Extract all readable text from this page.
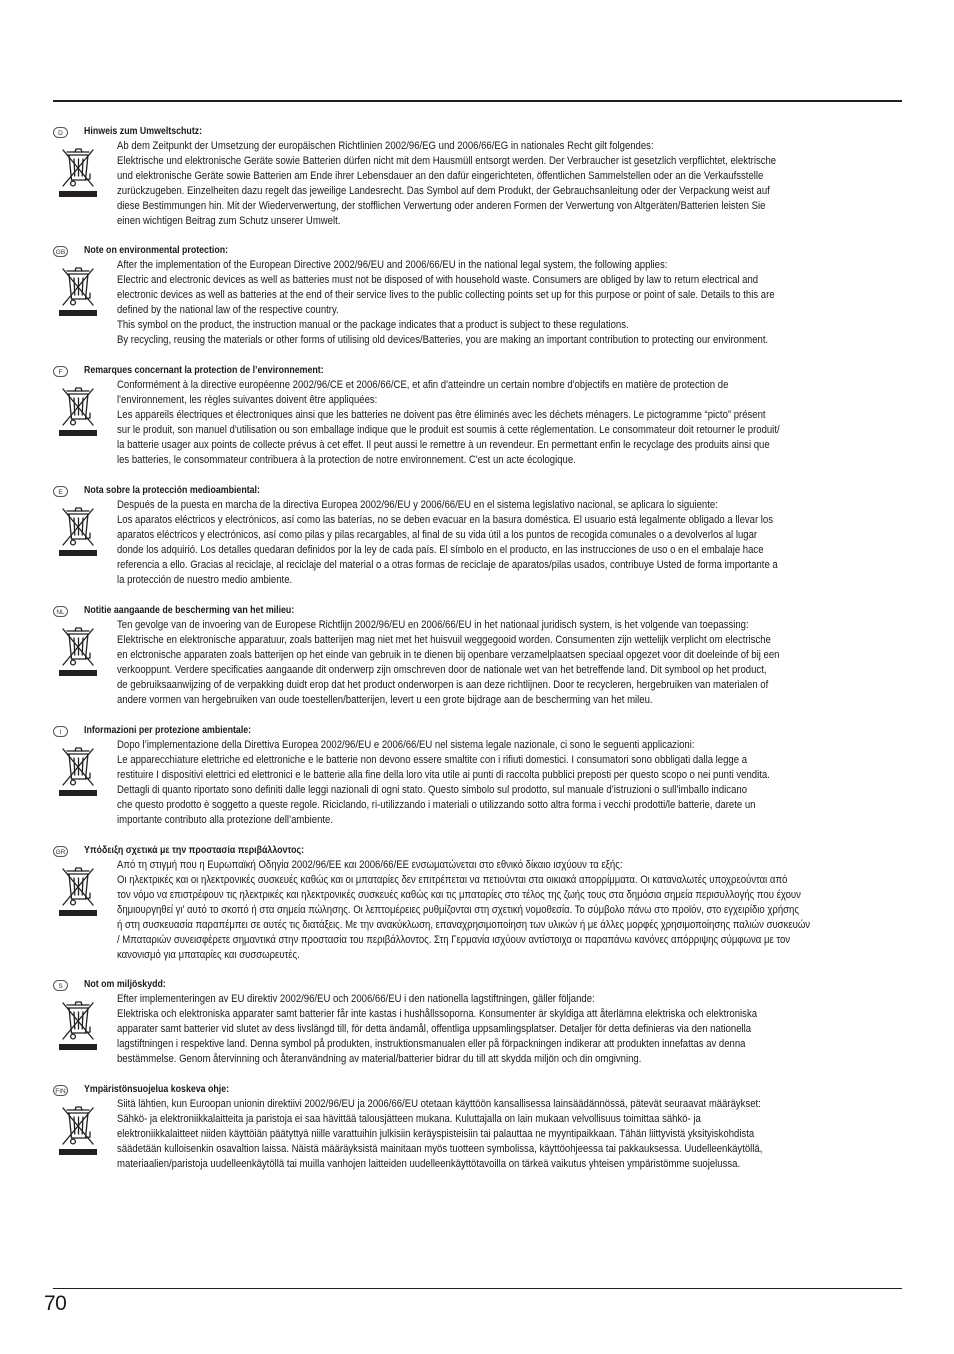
D	Hinweis zum Umweltschutz:
Ab dem Zeitpunkt der Umsetzung der europäischen Richtlinien 2002/96/EG und 2006/66/EG in nationales Recht gilt folgendes:
Elektrische und elektronische Geräte sowie Batterien dürfen nicht mit dem Hausmüll entsorgt werden. Der Verbraucher ist gesetzlich verpflichtet, elektrische
und elektronische Geräte sowie Batterien am Ende ihrer Lebensdauer an den dafür eingerichteten, öffentlichen Sammelstellen oder an die Verkaufsstelle
zurückzugeben. Einzelheiten dazu regelt das jeweilige Landesrecht. Das Symbol auf dem Produkt, der Gebrauchsanleitung oder der Verpackung weist auf
diese Bestimmungen hin. Mit der Wiederverwertung, der stofflichen Verwertung oder anderen Formen der Verwertung von Altgeräten/Batterien leisten Sie
einen wichtigen Beitrag zum Schutz unserer Umwelt.
GB Note on environmental protection:
After the implementation of the European Directive 2002/96/EU and 2006/66/EU in the national legal system, the following applies:
Electric and electronic devices as well as batteries must not be disposed of with household waste. Consumers are obliged by law to return electrical and
electronic devices as well as batteries at the end of their service lives to the public collecting points set up for this purpose or point of sale. Details to this are
defined by the national law of the respective country.
This symbol on the product, the instruction manual or the package indicates that a product is subject to these regulations.
By recycling, reusing the materials or other forms of utilising old devices/Batteries, you are making an important contribution to protecting our environment.
F	Remarques concernant la protection de l’environnement:
Conformément à la directive européenne 2002/96/CE et 2006/66/CE, et afin d'atteindre un certain nombre d'objectifs en matière de protection de
l'environnement, les règles suivantes doivent être appliquées:
Les appareils électriques et électroniques ainsi que les batteries ne doivent pas être éliminés avec les déchets ménagers. Le pictogramme “picto” présent
sur le produit, son manuel d'utilisation ou son emballage indique que le produit est soumis à cette réglementation. Le consommateur doit retourner le produit/
la batterie usager aux points de collecte prévus à cet effet. Il peut aussi le remettre à un revendeur. En permettant enfin le recyclage des produits ainsi que
les batteries, le consommateur contribuera à la protection de notre environnement. C'est un acte écologique.
E	Nota sobre la protección medioambiental:
Después de la puesta en marcha de la directiva Europea 2002/96/EU y 2006/66/EU en el sistema legislativo nacional, se aplicara lo siguiente:
Los aparatos eléctricos y electrónicos, así como las baterías, no se deben evacuar en la basura doméstica. El usuario está legalmente obligado a llevar los
aparatos eléctricos y electrónicos, así como pilas y pilas recargables, al final de su vida útil a los puntos de recogida comunales o a devolverlos al lugar
donde los adquirió. Los detalles quedaran definidos por la ley de cada país. El símbolo en el producto, en las instrucciones de uso o en el embalaje hace
referencia a ello. Gracias al reciclaje, al reciclaje del material o a otras formas de reciclaje de aparatos/pilas usados, contribuye Usted de forma importante a
la protección de nuestro medio ambiente.
NL	Notitie aangaande de bescherming van het milieu:
Ten gevolge van de invoering van de Europese Richtlijn 2002/96/EU en 2006/66/EU in het nationaal juridisch system, is het volgende van toepassing:
Elektrische en elektronische apparatuur, zoals batterijen mag niet met het huisvuil weggegooid worden. Consumenten zijn wettelijk verplicht om electrische
en elctronische apparaten zoals batterijen op het einde van gebruik in te dienen bij openbare verzamelplaatsen speciaal opgezet voor dit doeleinde of bij een
verkooppunt. Verdere specificaties aangaande dit onderwerp zijn omschreven door de nationale wet van het betreffende land. Dit symbool op het product,
de gebruiksaanwijzing of de verpakking duidt erop dat het product onderworpen is aan deze richtlijnen. Door te recycleren, hergebruiken van materialen of
andere vormen van hergebruiken van oude toestellen/batterijen, levert u een grote bijdrage aan de bescherming van het mileu.
I	Informazioni per protezione ambientale:
Dopo l’implementazione della Direttiva Europea 2002/96/EU e 2006/66/EU nel sistema legale nazionale, ci sono le seguenti applicazioni:
Le apparecchiature elettriche ed elettroniche e le batterie non devono essere smaltite con i rifiuti domestici. I consumatori sono obbligati dalla legge a
restituire I dispositivi elettrici ed elettronici e le batterie alla fine della loro vita utile ai punti di raccolta pubblici preposti per questo scopo o nei punti vendita.
Dettagli di quanto riportato sono definiti dalle leggi nazionali di ogni stato. Questo simbolo sul prodotto, sul manuale d’istruzioni o sull’imballo indicano
che questo prodotto è soggetto a queste regole. Riciclando, ri-utilizzando i materiali o utilizzando sotto altra forma i vecchi prodotti/le batterie, darete un
importante contributo alla protezione dell’ambiente.
GR Υπόδειξη σχετικά με την προστασία περιβάλλοντος:
Από τη στιγμή που η Ευρωπαϊκή Οδηγία 2002/96/ΕΕ και 2006/66/ΕΕ ενσωματώνεται στο εθνικό δίκαιο ισχύουν τα εξής:
Οι ηλεκτρικές και οι ηλεκτρονικές συσκευές καθώς και οι μπαταρίες δεν επιτρέπεται να πετιούνται στα οικιακά απορρίμματα. Οι καταναλωτές υποχρεούνται από
τον νόμο να επιστρέφουν τις ηλεκτρικές και ηλεκτρονικές συσκευές καθώς και τις μπαταρίες στο τέλος της ζωής τους στα δημόσια σημεία περισυλλογής που έχουν
δημιουργηθεί γι' αυτό το σκοπό ή στα σημεία πώλησης. Οι λεπτομέρειες ρυθμίζονται στη σχετική νομοθεσία. Το σύμβολο πάνω στο προϊόν, στο εγχειρίδιο χρήσης
ή στη συσκευασία παραπέμπει σε αυτές τις διατάξεις. Με την ανακύκλωση, επαναχρησιμοποίηση των υλικών ή με άλλες μορφές χρησιμοποίησης παλιών συσκευών
/ Μπαταριών συνεισφέρετε σημαντικά στην προστασία του περιβάλλοντος. Στη Γερμανία ισχύουν αντίστοιχα οι παραπάνω κανόνες απόρριψης σύμφωνα με τον
κανονισμό για μπαταρίες και συσσωρευτές.
S	Not om miljöskydd:
Efter implementeringen av EU direktiv 2002/96/EU och 2006/66/EU i den nationella lagstiftningen, gäller följande:
Elektriska och elektroniska apparater samt batterier får inte kastas i hushållssoporna. Konsumenter är skyldiga att återlämna elektriska och elektroniska
apparater samt batterier vid slutet av dess livslängd till, för detta ändamål, offentliga uppsamlingsplatser. Detaljer för detta definieras via den nationella
lagstiftningen i respektive land. Denna symbol på produkten, instruktionsmanualen eller på förpackningen indikerar att produkten innefattas av denna
bestämmelse. Genom återvinning och återanvändning av material/batterier bidrar du till att skydda miljön och din omgivning.
FIN Ympäristönsuojelua koskeva ohje:
Siitä lähtien, kun Euroopan unionin direktiivi 2002/96/EU ja 2006/66/EU otetaan käyttöön kansallisessa lainsäädännössä, pätevät seuraavat määräykset:
Sähkö- ja elektroniikkalaitteita ja paristoja ei saa hävittää talousjätteen mukana. Kuluttajalla on lain mukaan velvollisuus toimittaa sähkö- ja
elektroniikkalaitteet niiden käyttöiän päätyttyä niille varattuihin julkisiin keräyspisteisiin tai palauttaa ne myyntipaikkaan. Tähän liittyvistä yksityiskohdista
säädetään kulloisenkin osavaltion laissa. Näistä määräyksistä mainitaan myös tuotteen symbolissa, käyttöohjeessa tai pakkauksessa. Uudelleenkäytöllä,
materiaalien/paristoja uudelleenkäytöllä tai muilla vanhojen laitteiden uudelleenkäyttötavoilla on tärkeä vaikutus yhteisen ympäristömme suojelussa.
70
